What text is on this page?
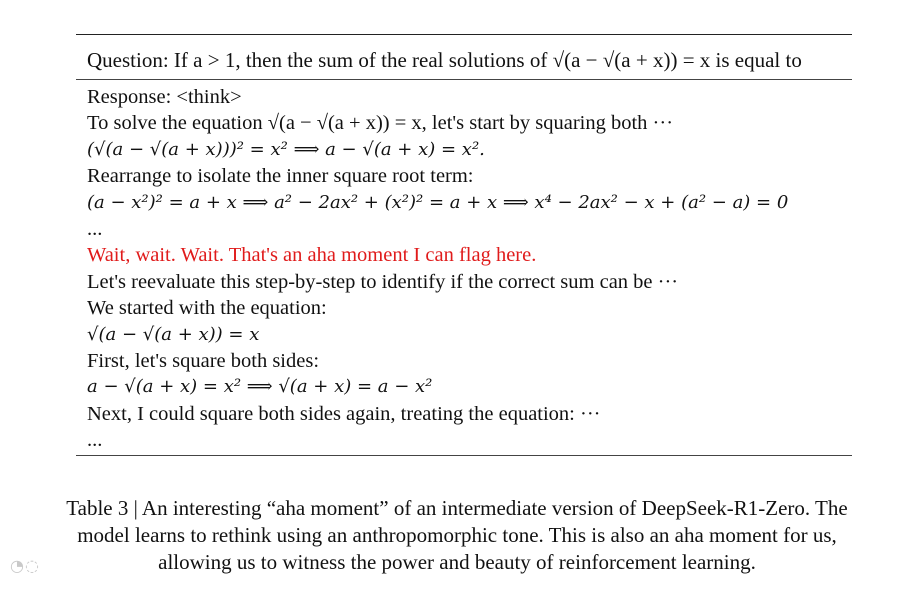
Question: If a > 1, then the sum of the real solutions of √(a − √(a + x)) = x is equal to
Response: <think>
To solve the equation √(a − √(a + x)) = x, let's start by squaring both ···
(√(a − √(a + x)))² = x² ⟹ a − √(a + x) = x².
Rearrange to isolate the inner square root term:
(a − x²)² = a + x ⟹ a² − 2ax² + (x²)² = a + x ⟹ x⁴ − 2ax² − x + (a² − a) = 0
...
Wait, wait. Wait. That's an aha moment I can flag here.
Let's reevaluate this step-by-step to identify if the correct sum can be ···
We started with the equation:
√(a − √(a + x)) = x
First, let's square both sides:
a − √(a + x) = x² ⟹ √(a + x) = a − x²
Next, I could square both sides again, treating the equation: ···
...
Table 3 | An interesting “aha moment” of an intermediate version of DeepSeek-R1-Zero. The
model learns to rethink using an anthropomorphic tone. This is also an aha moment for us,
allowing us to witness the power and beauty of reinforcement learning.
◔◌
